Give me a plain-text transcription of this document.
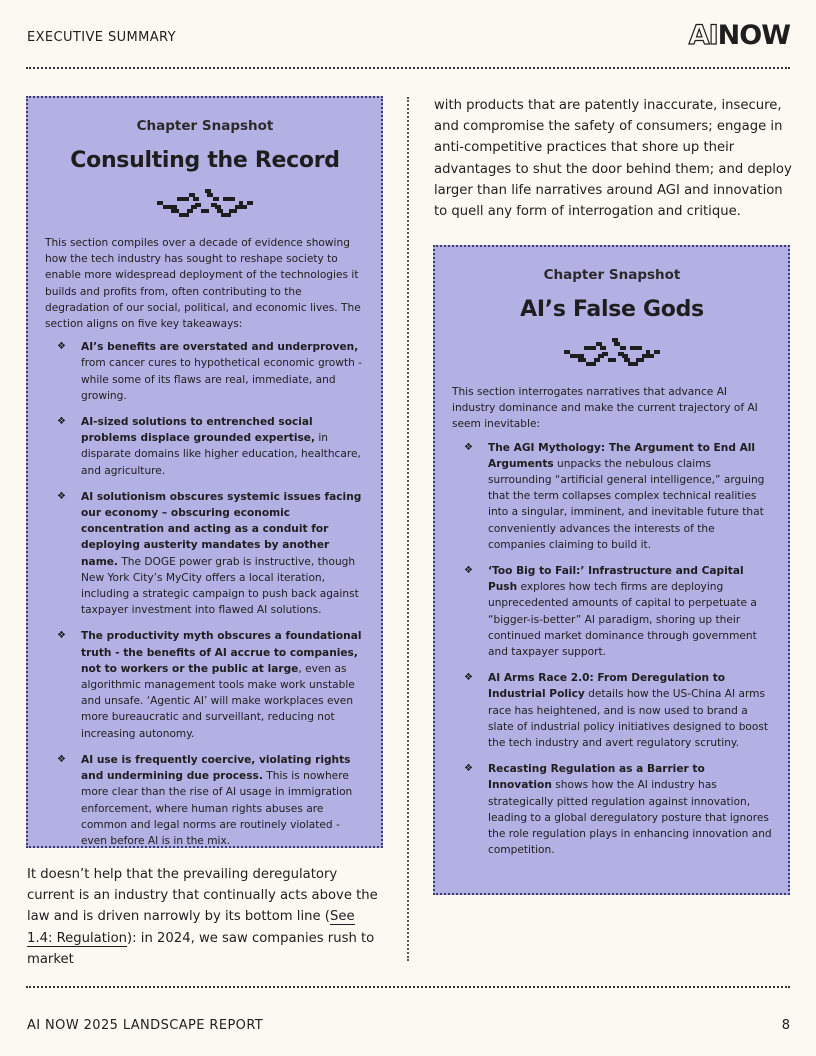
EXECUTIVE SUMMARY	AINOW
Chapter Snapshot
Consulting the Record
This section compiles over a decade of evidence showing how the tech industry has sought to reshape society to enable more widespread deployment of the technologies it builds and profits from, often contributing to the degradation of our social, political, and economic lives. The section aligns on five key takeaways:
❖ AI’s benefits are overstated and underproven, from cancer cures to hypothetical economic growth - while some of its flaws are real, immediate, and growing.
❖ AI-sized solutions to entrenched social problems displace grounded expertise, in disparate domains like higher education, healthcare, and agriculture.
❖ AI solutionism obscures systemic issues facing our economy – obscuring economic concentration and acting as a conduit for deploying austerity mandates by another name. The DOGE power grab is instructive, though New York City’s MyCity offers a local iteration, including a strategic campaign to push back against taxpayer investment into flawed AI solutions.
❖ The productivity myth obscures a foundational truth - the benefits of AI accrue to companies, not to workers or the public at large, even as algorithmic management tools make work unstable and unsafe. ‘Agentic AI’ will make workplaces even more bureaucratic and surveillant, reducing not increasing autonomy.
❖ AI use is frequently coercive, violating rights and undermining due process. This is nowhere more clear than the rise of AI usage in immigration enforcement, where human rights abuses are common and legal norms are routinely violated - even before AI is in the mix.
It doesn’t help that the prevailing deregulatory current is an industry that continually acts above the law and is driven narrowly by its bottom line (See 1.4: Regulation): in 2024, we saw companies rush to market
with products that are patently inaccurate, insecure, and compromise the safety of consumers; engage in anti-competitive practices that shore up their advantages to shut the door behind them; and deploy larger than life narratives around AGI and innovation to quell any form of interrogation and critique.
Chapter Snapshot
AI’s False Gods
This section interrogates narratives that advance AI industry dominance and make the current trajectory of AI seem inevitable:
❖ The AGI Mythology: The Argument to End All Arguments unpacks the nebulous claims surrounding “artificial general intelligence,” arguing that the term collapses complex technical realities into a singular, imminent, and inevitable future that conveniently advances the interests of the companies claiming to build it.
❖ ‘Too Big to Fail:’ Infrastructure and Capital Push explores how tech firms are deploying unprecedented amounts of capital to perpetuate a “bigger-is-better” AI paradigm, shoring up their continued market dominance through government and taxpayer support.
❖ AI Arms Race 2.0: From Deregulation to Industrial Policy details how the US-China AI arms race has heightened, and is now used to brand a slate of industrial policy initiatives designed to boost the tech industry and avert regulatory scrutiny.
❖ Recasting Regulation as a Barrier to Innovation shows how the AI industry has strategically pitted regulation against innovation, leading to a global deregulatory posture that ignores the role regulation plays in enhancing innovation and competition.
AI NOW 2025 LANDSCAPE REPORT	8
